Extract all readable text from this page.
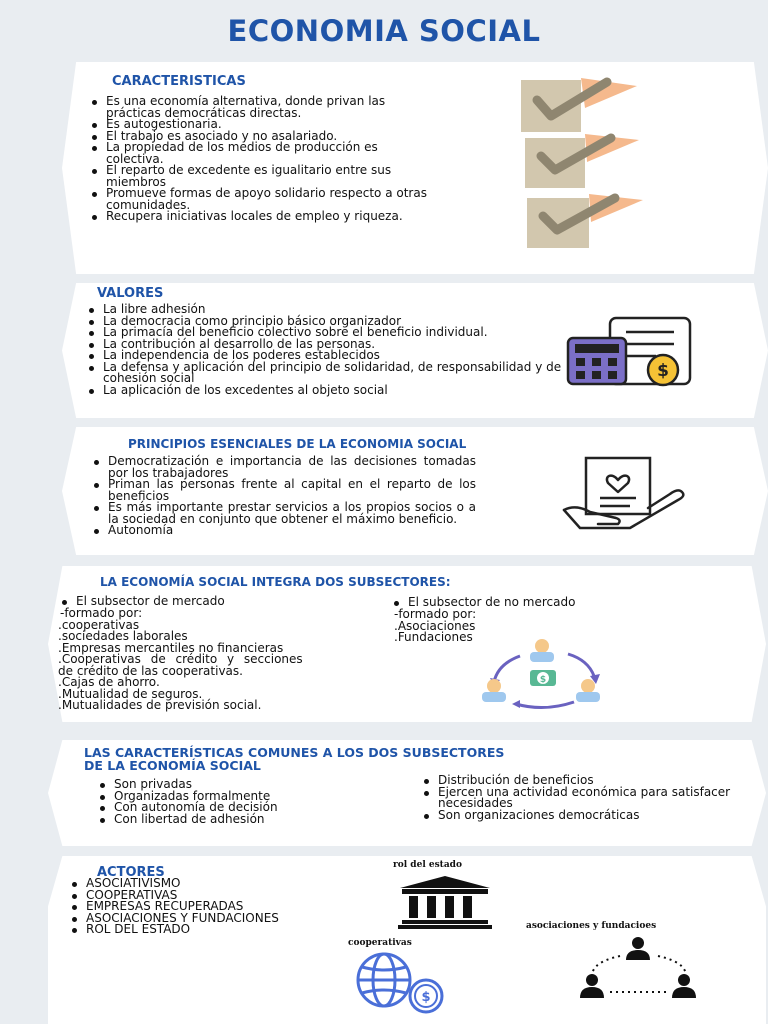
ECONOMIA SOCIAL
CARACTERISTICAS
Es una economía alternativa, donde privan las prácticas democráticas directas.
Es autogestionaria.
El trabajo es asociado y no asalariado.
La propiedad de los medios de producción es colectiva.
El reparto de excedente es igualitario entre sus miembros
Promueve formas de apoyo solidario respecto a otras comunidades.
Recupera iniciativas locales de empleo y riqueza.
VALORES
La libre adhesión
La democracia como principio básico organizador
La primacía del beneficio colectivo sobre el beneficio individual.
La contribución al desarrollo de las personas.
La independencia de los poderes establecidos
La defensa y aplicación del principio de solidaridad, de responsabilidad y de cohesión social
La aplicación de los excedentes al objeto social
$
PRINCIPIOS ESENCIALES DE LA ECONOMIA SOCIAL
Democratización e importancia de las decisiones tomadas por los trabajadores
Priman las personas frente al capital en el reparto de los beneficios
Es más importante prestar servicios a los propios socios o a la sociedad en conjunto que obtener el máximo beneficio.
Autonomía
LA ECONOMÍA SOCIAL INTEGRA DOS SUBSECTORES:
El subsector de mercado
-formado por:
.cooperativas
.sociedades laborales
.Empresas mercantiles no financieras
.Cooperativas de crédito y secciones
de crédito de las cooperativas.
.Cajas de ahorro.
.Mutualidad de seguros.
.Mutualidades de previsión social.
El subsector de no mercado
-formado por:
.Asociaciones
.Fundaciones
$
LAS CARACTERÍSTICAS COMUNES A LOS DOS SUBSECTORES
DE LA ECONOMÍA SOCIAL
Son privadas
Organizadas formalmente
Con autonomía de decisión
Con libertad de adhesión
Distribución de beneficios
Ejercen una actividad económica para satisfacer necesidades
Son organizaciones democráticas
ACTORES
ASOCIATIVISMO
COOPERATIVAS
EMPRESAS RECUPERADAS
ASOCIACIONES Y FUNDACIONES
ROL DEL ESTADO
rol del estado
cooperativas
$
asociaciones y fundacioes
